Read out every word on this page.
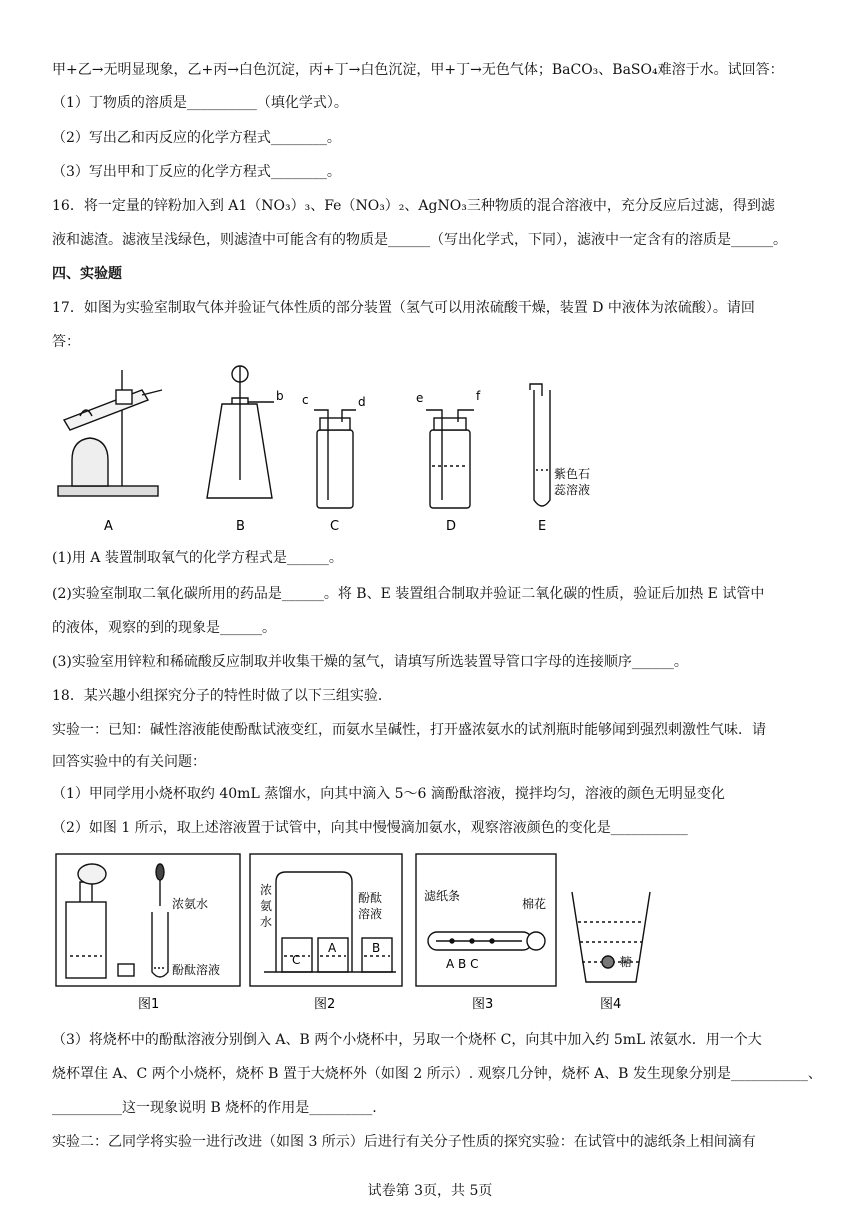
甲+乙→无明显现象，乙+丙→白色沉淀，丙+丁→白色沉淀，甲+丁→无色气体；BaCO₃、BaSO₄难溶于水。试回答：
（1）丁物质的溶质是__________（填化学式）。
（2）写出乙和丙反应的化学方程式________。
（3）写出甲和丁反应的化学方程式________。
16．将一定量的锌粉加入到 A1（NO₃）₃、Fe（NO₃）₂、AgNO₃三种物质的混合溶液中，充分反应后过滤，得到滤
液和滤渣。滤液呈浅绿色，则滤渣中可能含有的物质是______（写出化学式，下同），滤液中一定含有的溶质是______。
四、实验题
17．如图为实验室制取气体并验证气体性质的部分装置（氢气可以用浓硫酸干燥，装置 D 中液体为浓硫酸）。请回
答：
A	B	C	D	E
b c	d	e	f
紫色石
蕊溶液
(1)用 A 装置制取氧气的化学方程式是______。
(2)实验室制取二氧化碳所用的药品是______。将 B、E 装置组合制取并验证二氧化碳的性质，验证后加热 E 试管中
的液体，观察的到的现象是______。
(3)实验室用锌粒和稀硫酸反应制取并收集干燥的氢气，请填写所选装置导管口字母的连接顺序______。
18．某兴趣小组探究分子的特性时做了以下三组实验．
实验一：已知：碱性溶液能使酚酞试液变红，而氨水呈碱性，打开盛浓氨水的试剂瓶时能够闻到强烈刺激性气味．请
回答实验中的有关问题：
（1）甲同学用小烧杯取约 40mL 蒸馏水，向其中滴入 5～6 滴酚酞溶液，搅拌均匀，溶液的颜色无明显变化
（2）如图 1 所示，取上述溶液置于试管中，向其中慢慢滴加氨水，观察溶液颜色的变化是___________
浓氨水
酚酞溶液
浓
氨
水
酚酞
溶液
C
A	B
滤纸条
棉花
A B C	糖
图1	图2	图3	图4
（3）将烧杯中的酚酞溶液分别倒入 A、B 两个小烧杯中，另取一个烧杯 C，向其中加入约 5mL 浓氨水．用一个大
烧杯罩住 A、C 两个小烧杯，烧杯 B 置于大烧杯外（如图 2 所示）. 观察几分钟，烧杯 A、B 发生现象分别是___________、
__________这一现象说明 B 烧杯的作用是_________.
实验二：乙同学将实验一进行改进（如图 3 所示）后进行有关分子性质的探究实验：在试管中的滤纸条上相间滴有
试卷第 3页，共 5页
